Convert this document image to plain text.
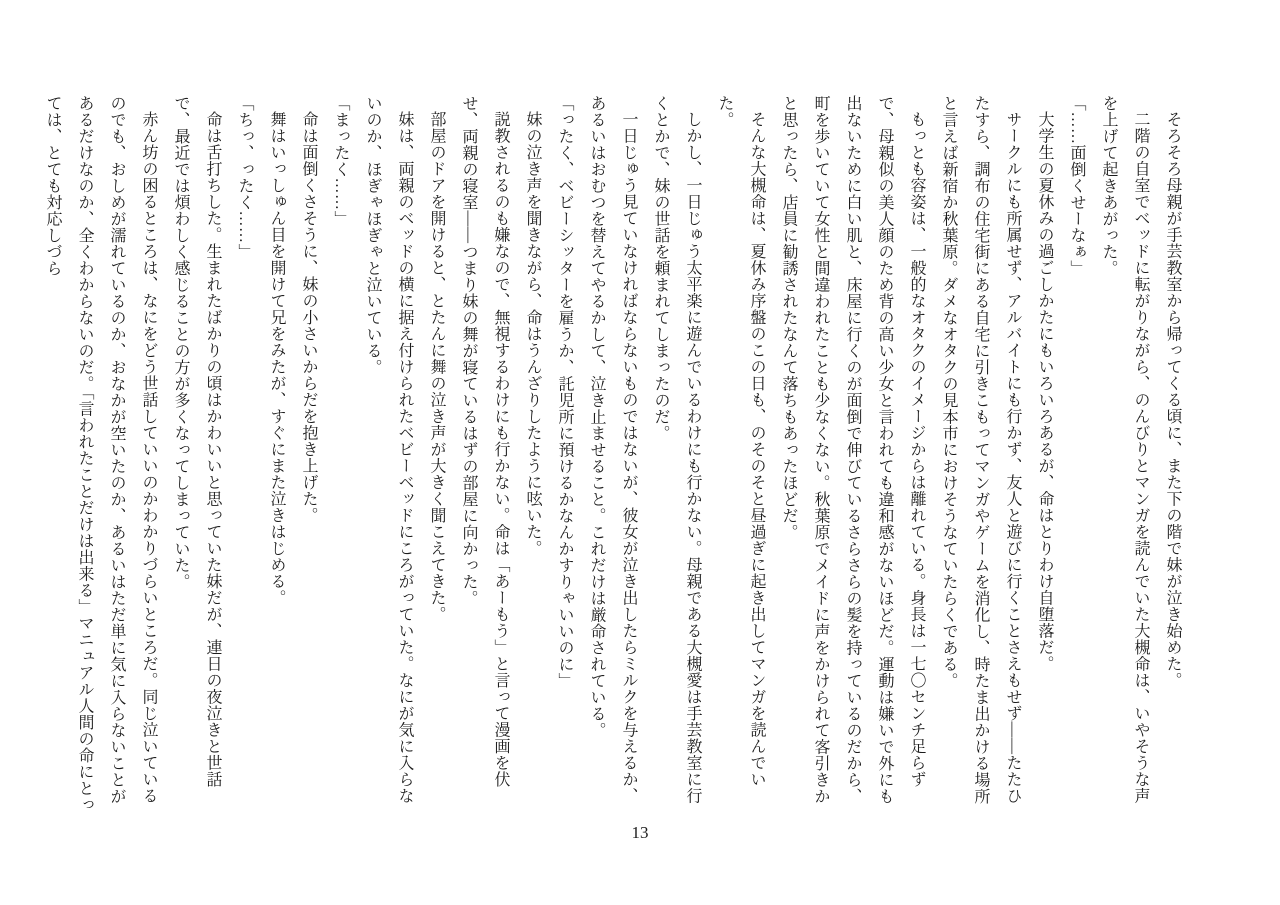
そろそろ母親が手芸教室から帰ってくる頃に、また下の階で妹が泣き始めた。

二階の自室でベッドに転がりながら、のんびりとマンガを読んでいた大槻命は、いやそうな声を上げて起きあがった。

「……面倒くせーなぁ」

大学生の夏休みの過ごしかたにもいろいろあるが、命はとりわけ自堕落だ。

サークルにも所属せず、アルバイトにも行かず、友人と遊びに行くことさえもせず——たたひたすら、調布の住宅街にある自宅に引きこもってマンガやゲームを消化し、時たま出かける場所と言えば新宿か秋葉原。ダメなオタクの見本市におけそうなていたらくである。

もっとも容姿は、一般的なオタクのイメージからは離れている。身長は一七〇センチ足らずで、母親似の美人顔のため背の高い少女と言われても違和感がないほどだ。運動は嫌いで外にも出ないために白い肌と、床屋に行くのが面倒で伸びているさらさらの髪を持っているのだから、町を歩いていて女性と間違われたことも少なくない。秋葉原でメイドに声をかけられて客引きかと思ったら、店員に勧誘されたなんて落ちもあったほどだ。

そんな大槻命は、夏休み序盤のこの日も、のそのそと昼過ぎに起き出してマンガを読んでいた。

しかし、一日じゅう太平楽に遊んでいるわけにも行かない。母親である大槻愛は手芸教室に行くとかで、妹の世話を頼まれてしまったのだ。

一日じゅう見ていなければならないものではないが、彼女が泣き出したらミルクを与えるか、あるいはおむつを替えてやるかして、泣き止ませること。これだけは厳命されている。

「ったく、ベビーシッターを雇うか、託児所に預けるかなんかすりゃいいのに」

妹の泣き声を聞きながら、命はうんざりしたように呟いた。

説教されるのも嫌なので、無視するわけにも行かない。命は「あーもう」と言って漫画を伏せ、両親の寝室——つまり妹の舞が寝ているはずの部屋に向かった。

部屋のドアを開けると、とたんに舞の泣き声が大きく聞こえてきた。

妹は、両親のベッドの横に据え付けられたベビーベッドにころがっていた。なにが気に入らないのか、ほぎゃほぎゃと泣いている。

「まったく……」

命は面倒くさそうに、妹の小さいからだを抱き上げた。

舞はいっしゅん目を開けて兄をみたが、すぐにまた泣きはじめる。

「ちっ、ったく……」

命は舌打ちした。生まれたばかりの頃はかわいいと思っていた妹だが、連日の夜泣きと世話で、最近では煩わしく感じることの方が多くなってしまっていた。

赤ん坊の困るところは、なにをどう世話していいのかわかりづらいところだ。同じ泣いているのでも、おしめが濡れているのか、おなかが空いたのか、あるいはただ単に気に入らないことがあるだけなのか、全くわからないのだ。「言われたことだけは出来る」マニュアル人間の命にとっては、とても対応しづら

13
